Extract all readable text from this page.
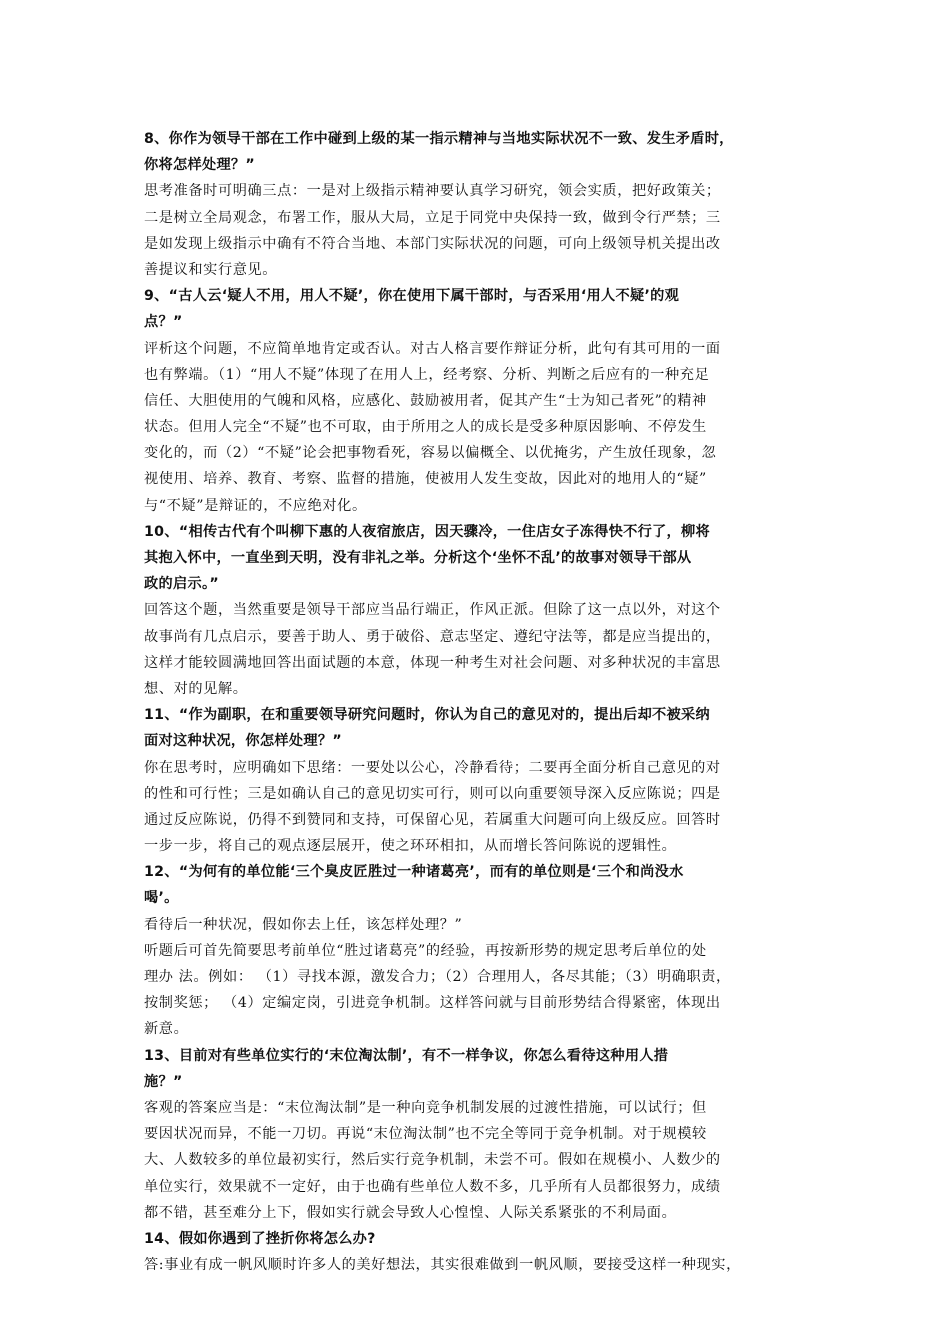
8、你作为领导干部在工作中碰到上级的某一指示精神与当地实际状况不一致、发生矛盾时，
你将怎样处理？”
思考准备时可明确三点：一是对上级指示精神要认真学习研究，领会实质，把好政策关；
二是树立全局观念，布署工作，服从大局，立足于同党中央保持一致，做到令行严禁；三
是如发现上级指示中确有不符合当地、本部门实际状况的问题，可向上级领导机关提出改
善提议和实行意见。
9、“古人云‘疑人不用，用人不疑’，你在使用下属干部时，与否采用‘用人不疑’的观
点？”
评析这个问题，不应简单地肯定或否认。对古人格言要作辩证分析，此句有其可用的一面
也有弊端。（1）“用人不疑”体现了在用人上，经考察、分析、判断之后应有的一种充足
信任、大胆使用的气魄和风格，应感化、鼓励被用者，促其产生“士为知己者死”的精神
状态。但用人完全“不疑”也不可取，由于所用之人的成长是受多种原因影响、不停发生
变化的，而（2）“不疑”论会把事物看死，容易以偏概全、以优掩劣，产生放任现象，忽
视使用、培养、教育、考察、监督的措施，使被用人发生变故，因此对的地用人的“疑”
与“不疑”是辩证的，不应绝对化。
10、“相传古代有个叫柳下惠的人夜宿旅店，因天骤冷，一住店女子冻得快不行了，柳将
其抱入怀中，一直坐到天明，没有非礼之举。分析这个‘坐怀不乱’的故事对领导干部从
政的启示。”
回答这个题，当然重要是领导干部应当品行端正，作风正派。但除了这一点以外，对这个
故事尚有几点启示，要善于助人、勇于破俗、意志坚定、遵纪守法等，都是应当提出的，
这样才能较圆满地回答出面试题的本意，体现一种考生对社会问题、对多种状况的丰富思
想、对的见解。
11、“作为副职，在和重要领导研究问题时，你认为自己的意见对的，提出后却不被采纳
面对这种状况，你怎样处理？”
你在思考时，应明确如下思绪：一要处以公心，冷静看待；二要再全面分析自己意见的对
的性和可行性；三是如确认自己的意见切实可行，则可以向重要领导深入反应陈说；四是
通过反应陈说，仍得不到赞同和支持，可保留心见，若属重大问题可向上级反应。回答时
一步一步，将自己的观点逐层展开，使之环环相扣，从而增长答问陈说的逻辑性。
12、“为何有的单位能‘三个臭皮匠胜过一种诸葛亮’，而有的单位则是‘三个和尚没水
喝’。
看待后一种状况，假如你去上任，该怎样处理？”
听题后可首先简要思考前单位“胜过诸葛亮”的经验，再按新形势的规定思考后单位的处
理办 法。例如： （1）寻找本源，激发合力；（2）合理用人，各尽其能；（3）明确职责，
按制奖惩； （4）定编定岗，引进竞争机制。这样答问就与目前形势结合得紧密，体现出
新意。
13、目前对有些单位实行的‘末位淘汰制’，有不一样争议，你怎么看待这种用人措
施？”
客观的答案应当是：“末位淘汰制”是一种向竞争机制发展的过渡性措施，可以试行；但
要因状况而异，不能一刀切。再说“末位淘汰制”也不完全等同于竞争机制。对于规模较
大、人数较多的单位最初实行，然后实行竞争机制，未尝不可。假如在规模小、人数少的
单位实行，效果就不一定好，由于也确有些单位人数不多，几乎所有人员都很努力，成绩
都不错，甚至难分上下，假如实行就会导致人心惶惶、人际关系紧张的不利局面。
14、假如你遇到了挫折你将怎么办?
答:事业有成一帆风顺时许多人的美好想法，其实很难做到一帆风顺，要接受这样一种现实，
